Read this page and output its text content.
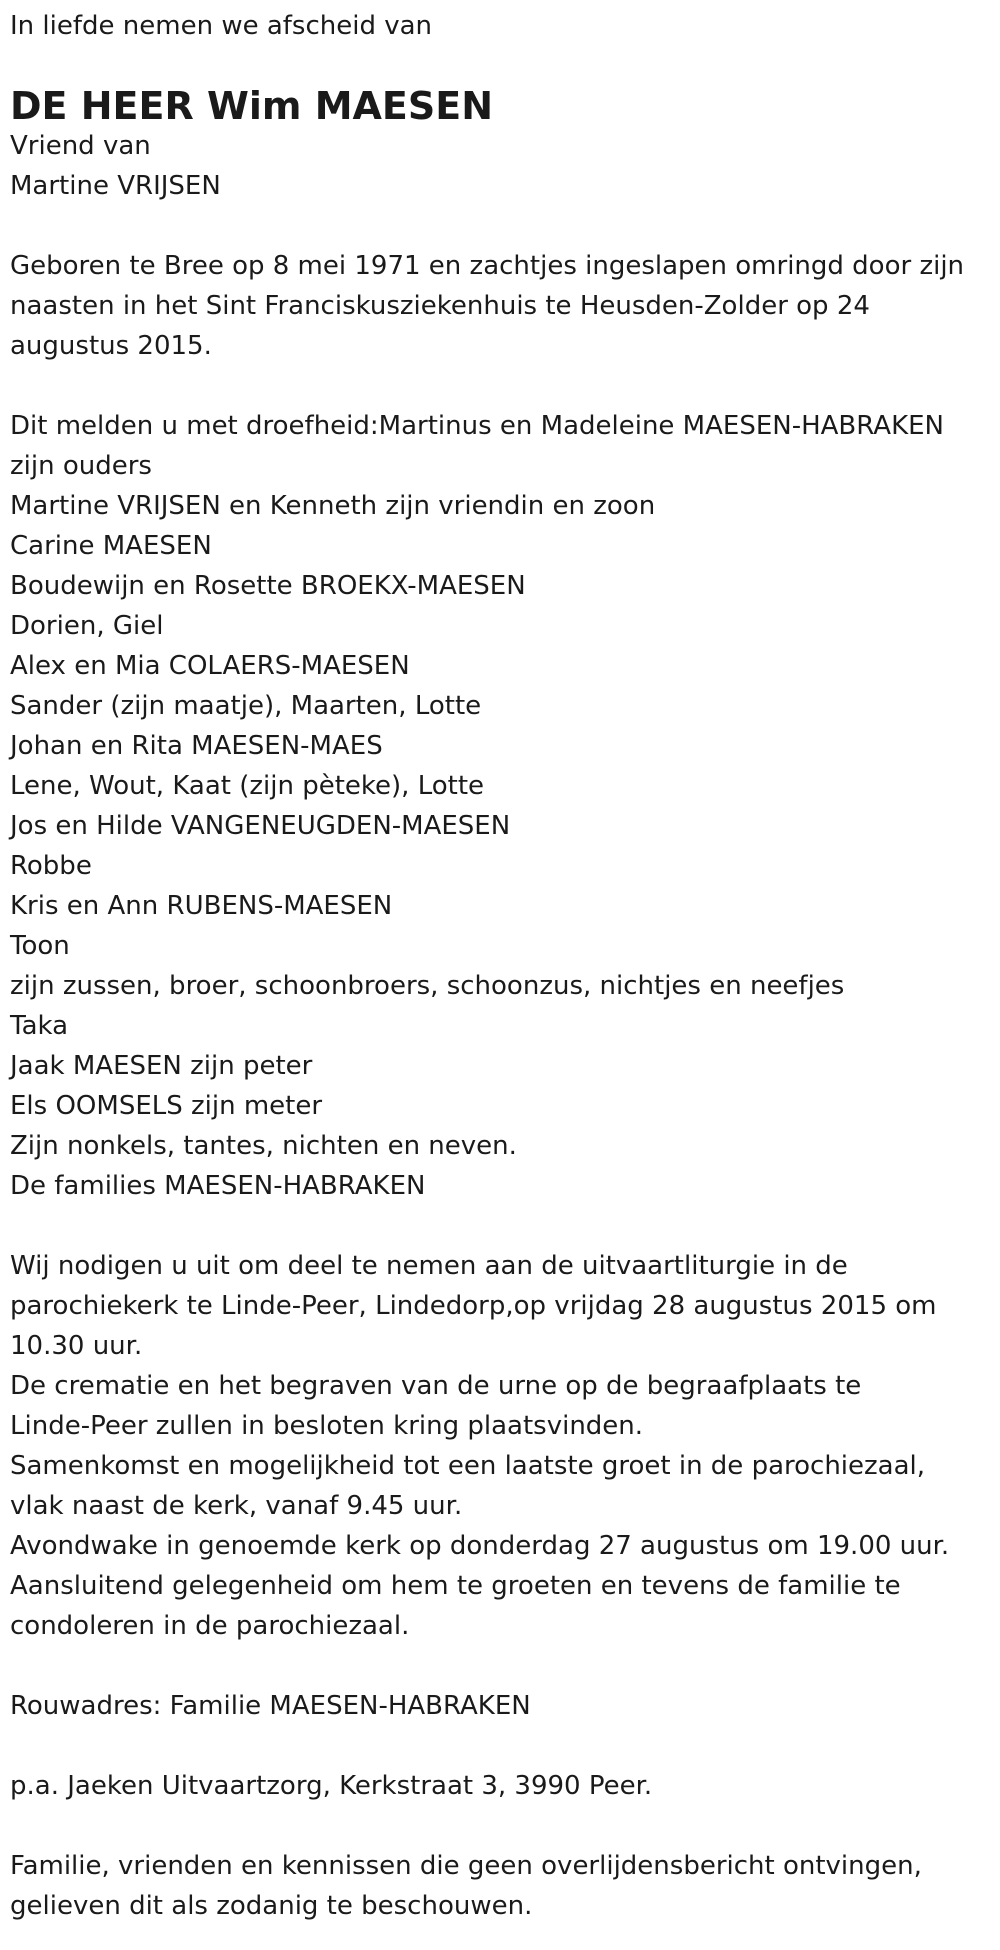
In liefde nemen we afscheid van
DE HEER Wim MAESEN
Vriend van
Martine VRIJSEN
Geboren te Bree op 8 mei 1971 en zachtjes ingeslapen omringd door zijn
naasten in het Sint Franciskusziekenhuis te Heusden-Zolder op 24
augustus 2015.
Dit melden u met droefheid:Martinus en Madeleine MAESEN-HABRAKEN
zijn ouders
Martine VRIJSEN en Kenneth zijn vriendin en zoon
Carine MAESEN
Boudewijn en Rosette BROEKX-MAESEN
Dorien, Giel
Alex en Mia COLAERS-MAESEN
Sander (zijn maatje), Maarten, Lotte
Johan en Rita MAESEN-MAES
Lene, Wout, Kaat (zijn pèteke), Lotte
Jos en Hilde VANGENEUGDEN-MAESEN
Robbe
Kris en Ann RUBENS-MAESEN
Toon
zijn zussen, broer, schoonbroers, schoonzus, nichtjes en neefjes
Taka
Jaak MAESEN zijn peter
Els OOMSELS zijn meter
Zijn nonkels, tantes, nichten en neven.
De families MAESEN-HABRAKEN
Wij nodigen u uit om deel te nemen aan de uitvaartliturgie in de
parochiekerk te Linde-Peer, Lindedorp,op vrijdag 28 augustus 2015 om
10.30 uur.
De crematie en het begraven van de urne op de begraafplaats te
Linde-Peer zullen in besloten kring plaatsvinden.
Samenkomst en mogelijkheid tot een laatste groet in de parochiezaal,
vlak naast de kerk, vanaf 9.45 uur.
Avondwake in genoemde kerk op donderdag 27 augustus om 19.00 uur.
Aansluitend gelegenheid om hem te groeten en tevens de familie te
condoleren in de parochiezaal.
Rouwadres: Familie MAESEN-HABRAKEN
p.a. Jaeken Uitvaartzorg, Kerkstraat 3, 3990 Peer.
Familie, vrienden en kennissen die geen overlijdensbericht ontvingen,
gelieven dit als zodanig te beschouwen.
